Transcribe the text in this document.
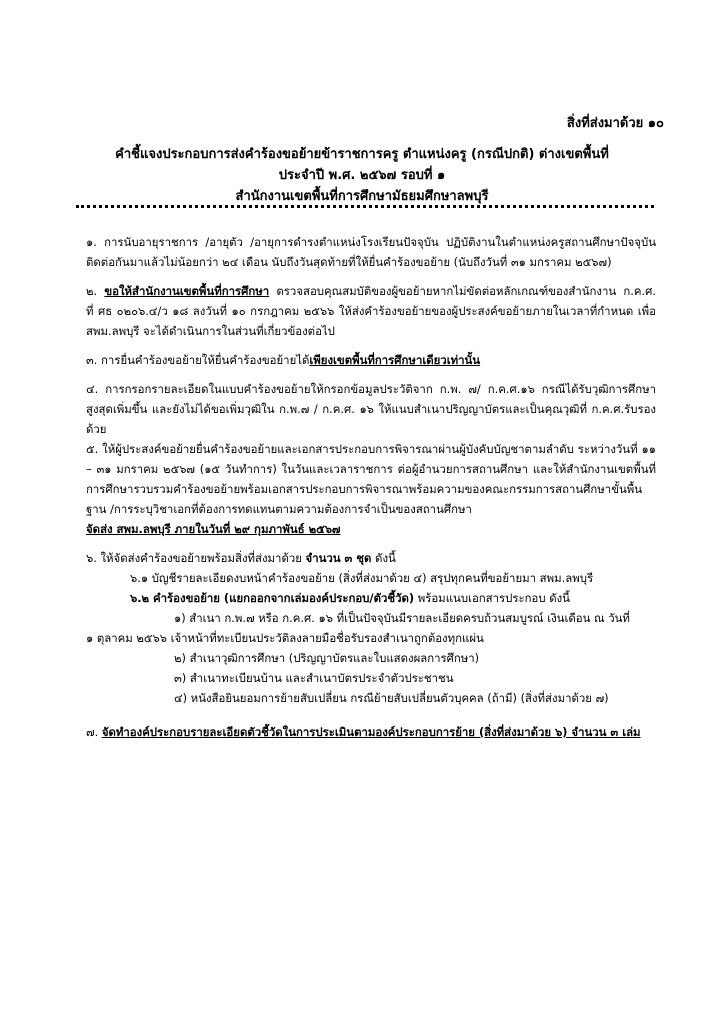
สิ่งที่ส่งมาด้วย ๑๐
คำชี้แจงประกอบการส่งคำร้องขอย้ายข้าราชการครู ตำแหน่งครู (กรณีปกติ) ต่างเขตพื้นที่
ประจำปี พ.ศ. ๒๕๖๗ รอบที่ ๑
สำนักงานเขตพื้นที่การศึกษามัธยมศึกษาลพบุรี

๑. การนับอายุราชการ /อายุตัว /อายุการดำรงตำแหน่งโรงเรียนปัจจุบัน ปฏิบัติงานในตำแหน่งครูสถานศึกษาปัจจุบันติดต่อกันมาแล้วไม่น้อยกว่า ๒๔ เดือน นับถึงวันสุดท้ายที่ให้ยื่นคำร้องขอย้าย (นับถึงวันที่ ๓๑ มกราคม ๒๕๖๗)

๒. ขอให้สำนักงานเขตพื้นที่การศึกษา ตรวจสอบคุณสมบัติของผู้ขอย้ายหากไม่ขัดต่อหลักเกณฑ์ของสำนักงาน ก.ค.ศ. ที่ ศธ ๐๒๐๖.๔/ว ๑๘ ลงวันที่ ๑๐ กรกฎาคม ๒๕๖๖ ให้ส่งคำร้องขอย้ายของผู้ประสงค์ขอย้ายภายในเวลาที่กำหนด เพื่อ สพม.ลพบุรี จะได้ดำเนินการในส่วนที่เกี่ยวข้องต่อไป

๓. การยื่นคำร้องขอย้ายให้ยื่นคำร้องขอย้ายได้เพียงเขตพื้นที่การศึกษาเดียวเท่านั้น

๔. การกรอกรายละเอียดในแบบคำร้องขอย้ายให้กรอกข้อมูลประวัติจาก ก.พ. ๗/ ก.ค.ศ.๑๖ กรณีได้รับวุฒิการศึกษาสูงสุดเพิ่มขึ้น และยังไม่ได้ขอเพิ่มวุฒิใน ก.พ.๗ / ก.ค.ศ. ๑๖ ให้แนบสำเนาปริญญาบัตรและเป็นคุณวุฒิที่ ก.ค.ศ.รับรองด้วย

๕. ให้ผู้ประสงค์ขอย้ายยื่นคำร้องขอย้ายและเอกสารประกอบการพิจารณาผ่านผู้บังคับบัญชาตามลำดับ ระหว่างวันที่ ๑๑ – ๓๑ มกราคม ๒๕๖๗ (๑๕ วันทำการ) ในวันและเวลาราชการ ต่อผู้อำนวยการสถานศึกษา และให้สำนักงานเขตพื้นที่การศึกษารวบรวมคำร้องขอย้ายพร้อมเอกสารประกอบการพิจารณาพร้อมความของคณะกรรมการสถานศึกษาขั้นพื้นฐาน /การระบุวิชาเอกที่ต้องการทดแทนตามความต้องการจำเป็นของสถานศึกษา

จัดส่ง สพม.ลพบุรี ภายในวันที่ ๒๙ กุมภาพันธ์ ๒๕๖๗

๖. ให้จัดส่งคำร้องขอย้ายพร้อมสิ่งที่ส่งมาด้วย จำนวน ๓ ชุด ดังนี้

๖.๑ บัญชีรายละเอียดงบหน้าคำร้องขอย้าย (สิ่งที่ส่งมาด้วย ๔) สรุปทุกคนที่ขอย้ายมา สพม.ลพบุรี

๖.๒ คำร้องขอย้าย (แยกออกจากเล่มองค์ประกอบ/ตัวชี้วัด) พร้อมแนบเอกสารประกอบ ดังนี้

๑) สำเนา ก.พ.๗ หรือ ก.ค.ศ. ๑๖ ที่เป็นปัจจุบันมีรายละเอียดครบถ้วนสมบูรณ์ เงินเดือน ณ วันที่

๑ ตุลาคม ๒๕๖๖ เจ้าหน้าที่ทะเบียนประวัติลงลายมือชื่อรับรองสำเนาถูกต้องทุกแผ่น

๒) สำเนาวุฒิการศึกษา (ปริญญาบัตรและใบแสดงผลการศึกษา)

๓) สำเนาทะเบียนบ้าน และสำเนาบัตรประจำตัวประชาชน

๔) หนังสือยินยอมการย้ายสับเปลี่ยน กรณีย้ายสับเปลี่ยนตัวบุคคล (ถ้ามี) (สิ่งที่ส่งมาด้วย ๗)

๗. จัดทำองค์ประกอบรายละเอียดตัวชี้วัดในการประเมินตามองค์ประกอบการย้าย (สิ่งที่ส่งมาด้วย ๖) จำนวน ๓ เล่ม
